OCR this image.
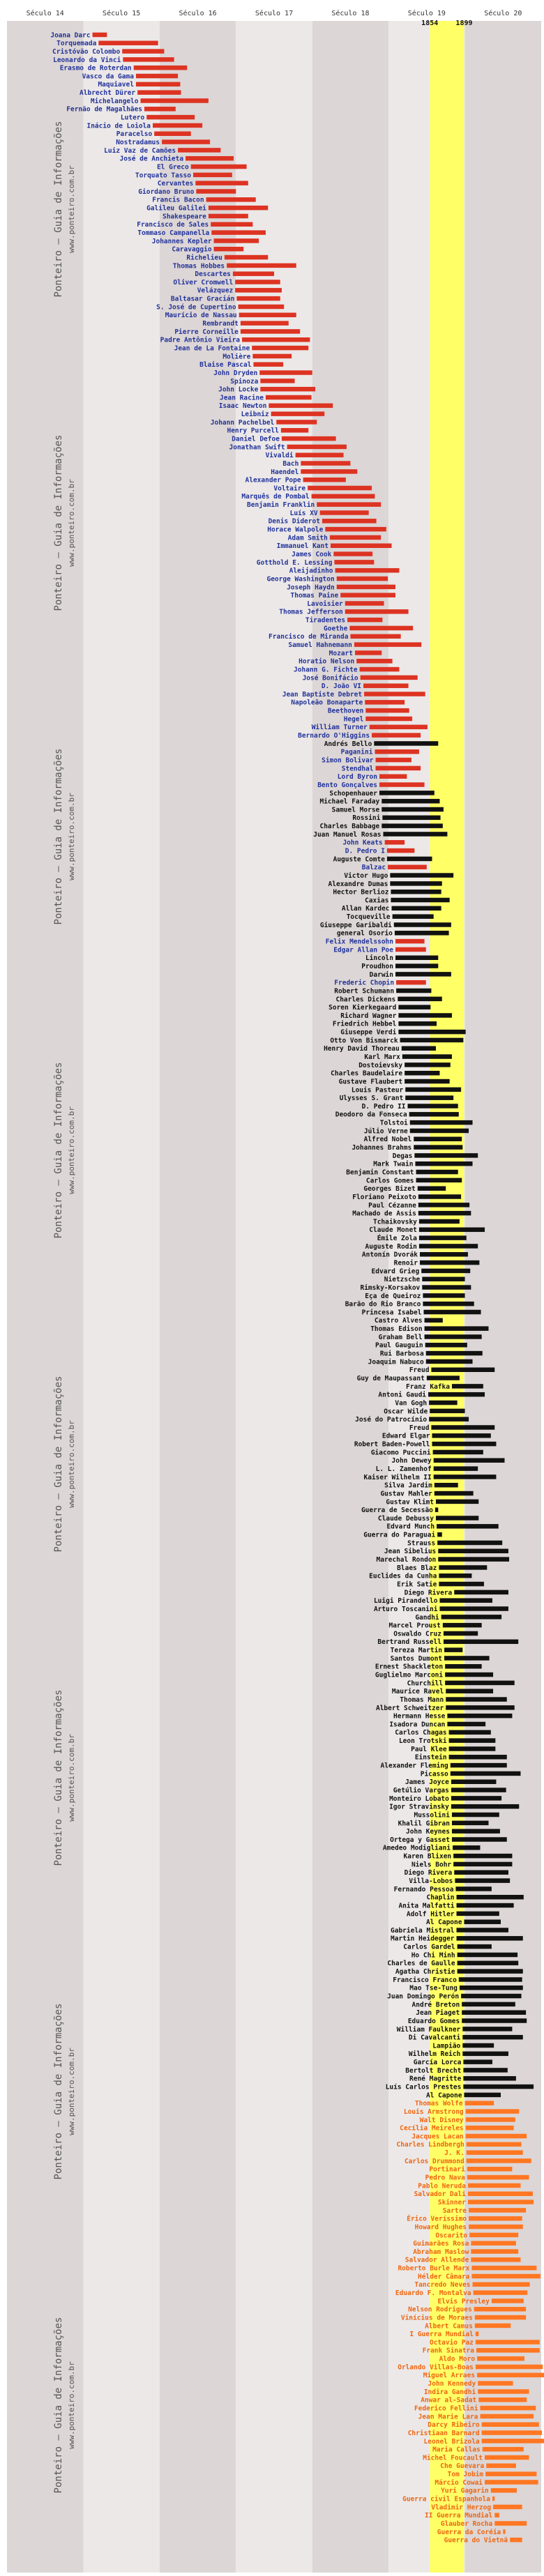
Século 14	Século 15	Século 16	Século 17	Século 18	Século 19	Século 20
1854	1899
Joana Darc
Torquemada
Cristóvão Colombo
Leonardo da Vinci
Erasmo de Roterdan
Vasco da Gama
Maquiavel
Albrecht Dürer
Michelangelo
Fernão de Magalhães
Lutero
Inácio de Loiola
Paracelso
Nostradamus
Luiz Vaz de Camões
José de Anchieta
El Greco
Torquato Tasso
Cervantes
Giordano Bruno
Francis Bacon
Galileu Galilei
Shakespeare
Francisco de Sales
Tommaso Campanella
Johannes Kepler
Caravaggio
Richelieu
Thomas Hobbes
Descartes
Oliver Cromwell
Velázquez
Baltasar Gracián
S. José de Cupertino
Maurício de Nassau
Rembrandt
Pierre Corneille
Padre Antônio Vieira
Jean de La Fontaine
Molière
Blaise Pascal
John Dryden
Spinoza
John Locke
Jean Racine
Isaac Newton
Leibniz
Johann Pachelbel
Henry Purcell
Daniel Defoe
Jonathan Swift
Vivaldi
Bach
Haendel
Alexander Pope
Voltaire
Marquês de Pombal
Benjamin Franklin
Luís XV
Denis Diderot
Horace Walpole
Adam Smith
Immanuel Kant
James Cook
Gotthold E. Lessing
Aleijadinho
George Washington
Joseph Haydn
Thomas Paine
Lavoisier
Thomas Jefferson
Tiradentes
Goethe
Francisco de Miranda
Samuel Hahnemann
Mozart
Horatio Nelson
Johann G. Fichte
José Bonifácio
D. João VI
Jean Baptiste Debret
Napoleão Bonaparte
Beethoven
Hegel
William Turner
Bernardo O'Higgins
Andrés Bello
Paganini
Simon Bolivar
Stendhal
Lord Byron
Bento Gonçalves
Schopenhauer
Michael Faraday
Samuel Morse
Rossini
Charles Babbage
Juan Manuel Rosas
John Keats
D. Pedro I
Auguste Comte
Balzac
Victor Hugo
Alexandre Dumas
Hector Berlioz
Caxias
Allan Kardec
Tocqueville
Giuseppe Garibaldi
general Osorio
Felix Mendelssohn
Edgar Allan Poe
Lincoln
Proudhon
Darwin
Frederic Chopin
Robert Schumann
Charles Dickens
Soren Kierkegaard
Richard Wagner
Friedrich Hebbel
Giuseppe Verdi
Otto Von Bismarck
Henry David Thoreau
Karl Marx
Dostoievsky
Charles Baudelaire
Gustave Flaubert
Louis Pasteur
Ulysses S. Grant
D. Pedro II
Deodoro da Fonseca
Tolstoi
Júlio Verne
Alfred Nobel
Johannes Brahms
Degas
Mark Twain
Benjamin Constant
Carlos Gomes
Georges Bizet
Floriano Peixoto
Paul Cézanne
Machado de Assis
Tchaikovsky
Claude Monet
Émile Zola
Auguste Rodin
Antonín Dvorák
Renoir
Edvard Grieg
Nietzsche
Rimsky-Korsakov
Eça de Queiroz
Barão do Rio Branco
Princesa Isabel
Castro Alves
Thomas Edison
Graham Bell
Paul Gauguin
Rui Barbosa
Joaquim Nabuco
Freud
Guy de Maupassant
Franz Kafka
Antoni Gaudi
Van Gogh
Oscar Wilde
José do Patrocínio
Freud
Edward Elgar
Robert Baden-Powell
Giacomo Puccini
John Dewey
L. L. Zamenhof
Kaiser Wilhelm II
Silva Jardim
Gustav Mahler
Gustav Klimt
Guerra de Secessão
Claude Debussy
Edvard Munch
Guerra do Paraguai
Strauss
Jean Sibelius
Marechal Rondon
Blaes Blaz
Euclides da Cunha
Erik Satie
Diego Rivera
Luigi Pirandello
Arturo Toscanini
Gandhi
Marcel Proust
Oswaldo Cruz
Bertrand Russell
Tereza Martin
Santos Dumont
Ernest Shackleton
Guglielmo Marconi
Churchill
Maurice Ravel
Thomas Mann
Albert Schweitzer
Hermann Hesse
Isadora Duncan
Carlos Chagas
Leon Trotski
Paul Klee
Einstein
Alexander Fleming
Picasso
James Joyce
Getúlio Vargas
Monteiro Lobato
Igor Stravinsky
Mussolini
Khalil Gibran
John Keynes
Ortega y Gasset
Amedeo Modigliani
Karen Blixen
Niels Bohr
Diego Rivera
Villa-Lobos
Fernando Pessoa
Chaplin
Anita Malfatti
Adolf Hitler
Al Capone
Gabriela Mistral
Martin Heidegger
Carlos Gardel
Ho Chi Minh
Charles de Gaulle
Agatha Christie
Francisco Franco
Mao Tse-Tung
Juan Domingo Perón
André Breton
Jean Piaget
Eduardo Gomes
William Faulkner
Di Cavalcanti
Lampião
Wilhelm Reich
García Lorca
Bertolt Brecht
René Magritte
Luís Carlos Prestes
Al Capone
Thomas Wolfe
Louis Armstrong
Walt Disney
Cecília Meireles
Jacques Lacan
Charles Lindbergh
J. K.
Carlos Drummond
Portinari
Pedro Nava
Pablo Neruda
Salvador Dali
Skinner
Sartre
Érico Veríssimo
Howard Hughes
Oscarito
Guimarães Rosa
Abraham Maslow
Salvador Allende
Roberto Burle Marx
Hélder Câmara
Tancredo Neves
Eduardo F. Montalva
Elvis Presley
Nelson Rodrigues
Vinícius de Moraes
Albert Camus
I Guerra Mundial
Octavio Paz
Frank Sinatra
Aldo Moro
Orlando Villas-Boas
Miguel Arraes
John Kennedy
Indira Gandhi
Anwar al-Sadat
Federico Fellini
Jean Marie Lara
Darcy Ribeiro
Christiaan Barnard
Leonel Brizola
Maria Callas
Michel Foucault
Che Guevara
Tom Jobim
Márcio Cowai
Yuri Gagarin
Guerra civil Espanhola
Vladimir Herzog
II Guerra Mundial
Glauber Rocha
Guerra da Coréia
Guerra do Vietnã
Ponteiro – Guia de Informações www.ponteiro.com.br
Ponteiro – Guia de Informações www.ponteiro.com.br
Ponteiro – Guia de Informações www.ponteiro.com.br
Ponteiro – Guia de Informações www.ponteiro.com.br
Ponteiro – Guia de Informações www.ponteiro.com.br
Ponteiro – Guia de Informações www.ponteiro.com.br
Ponteiro – Guia de Informações www.ponteiro.com.br
Ponteiro – Guia de Informações www.ponteiro.com.br
